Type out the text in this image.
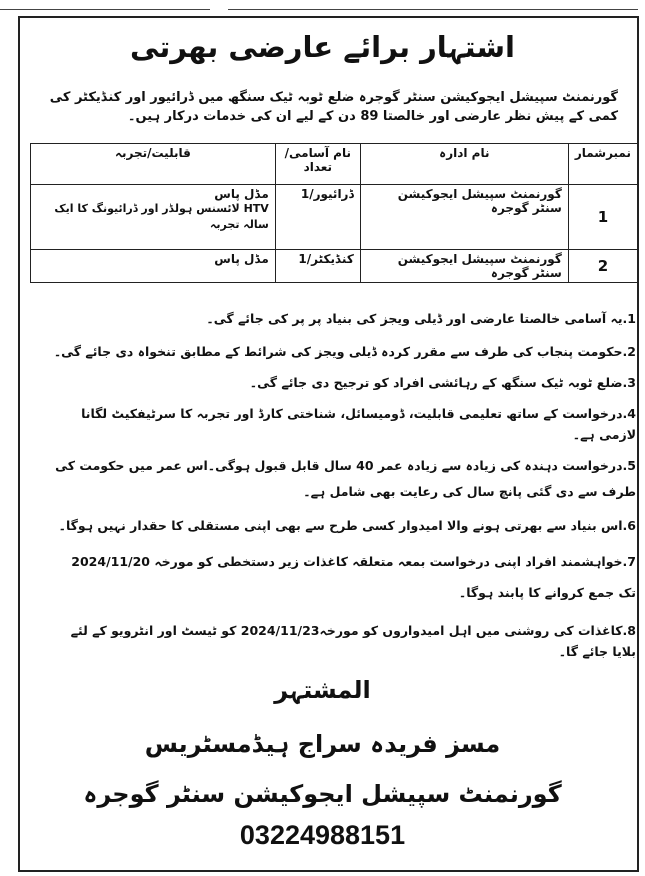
اشتہار برائے عارضی بھرتی
گورنمنٹ سپیشل ایجوکیشن سنٹر گوجرہ ضلع ٹوبہ ٹیک سنگھ میں ڈرائیور اور کنڈیکٹر کی کمی کے پیش نظر عارضی اور خالصتا 89 دن کے لیے ان کی خدمات درکار ہیں۔
نمبرشمار	نام ادارہ	نام آسامی/ تعداد	قابلیت/تجربہ
1	گورنمنٹ سپیشل ایجوکیشن سنٹر گوجرہ	ڈرائیور/1	مڈل پاس
HTV لائسنس ہولڈر اور ڈرائیونگ کا ایک سالہ تجربہ

2	گورنمنٹ سپیشل ایجوکیشن سنٹر گوجرہ	کنڈیکٹر/1	مڈل پاس
1.یہ آسامی خالصتا عارضی اور ڈیلی ویجز کی بنیاد پر پر کی جائے گی۔
2.حکومت پنجاب کی طرف سے مقرر کردہ ڈیلی ویجز کی شرائط کے مطابق تنخواہ دی جائے گی۔
3.ضلع ٹوبہ ٹیک سنگھ کے رہائشی افراد کو ترجیح دی جائے گی۔
4.درخواست کے ساتھ تعلیمی قابلیت، ڈومیسائل، شناختی کارڈ اور تجربہ کا سرٹیفکیٹ لگانا لازمی ہے۔
5.درخواست دہندہ کی زیادہ سے زیادہ عمر 40 سال قابل قبول ہوگی۔اس عمر میں حکومت کی طرف سے دی گئی پانچ سال کی رعایت بھی شامل ہے۔
6.اس بنیاد سے بھرتی ہونے والا امیدوار کسی طرح سے بھی اپنی مستقلی کا حقدار نہیں ہوگا۔
7.خواہشمند افراد اپنی درخواست بمعہ متعلقہ کاغذات زیر دستخطی کو مورخہ 2024/11/20 تک جمع کروانے کا پابند ہوگا۔
8.کاغذات کی روشنی میں اہل امیدواروں کو مورخہ2024/11/23 کو ٹیسٹ اور انٹرویو کے لئے بلایا جائے گا۔
المشتہر
مسز فریدہ سراج ہیڈمسٹریس
گورنمنٹ سپیشل ایجوکیشن سنٹر گوجرہ
03224988151
